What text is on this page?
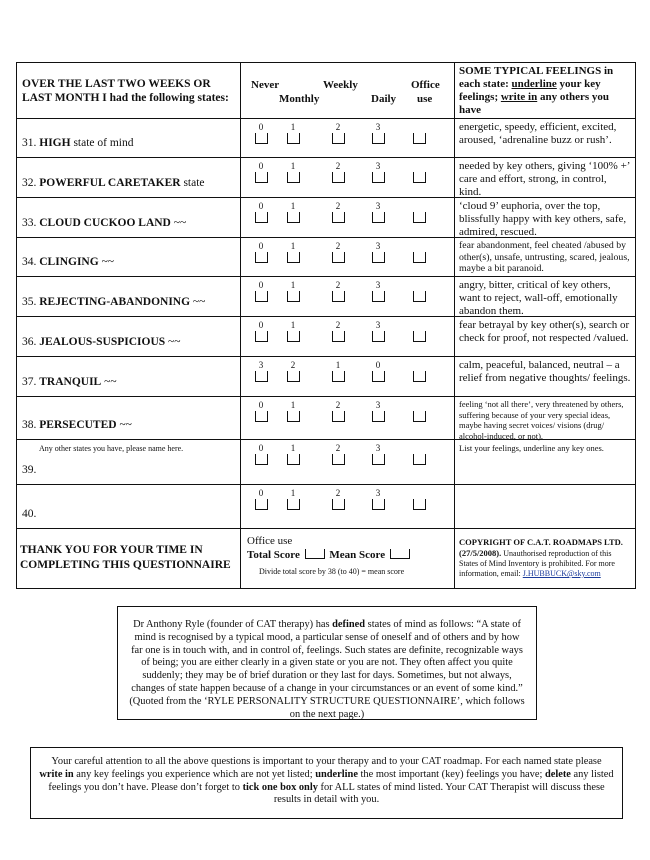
OVER THE LAST TWO WEEKS OR
LAST MONTH I had the following states:
Never	Weekly	Office
Monthly	Daily use
SOME TYPICAL FEELINGS in
each state: underline your key
feelings; write in any others you have
31. HIGH state of mind
0	1	2	3	energetic, speedy, efficient, excited, aroused, ‘adrenaline buzz or rush’.
32. POWERFUL CARETAKER state
0	1	2	3	needed by key others, giving ‘100% +’ care and effort, strong, in control, kind.
33. CLOUD CUCKOO LAND ~~
0	1	2	3	‘cloud 9’ euphoria, over the top, blissfully happy with key others, safe, admired, rescued.
34. CLINGING ~~
0	1	2	3	fear abandonment, feel cheated /abused by other(s), unsafe, untrusting, scared, jealous, maybe a bit paranoid.
35. REJECTING-ABANDONING ~~
0	1	2	3	angry, bitter, critical of key others, want to reject, wall-off, emotionally abandon them.
36. JEALOUS-SUSPICIOUS ~~
0	1	2	3	fear betrayal by key other(s), search or check for proof, not respected /valued.
37. TRANQUIL ~~
3	2	1	0	calm, peaceful, balanced, neutral – a relief from negative thoughts/ feelings.
38. PERSECUTED ~~
0	1	2	3	feeling ‘not all there’, very threatened by others, suffering because of your very special ideas, maybe having secret voices/ visions (drug/ alcohol-induced, or not).
Any other states you have, please name here.
39.
0	1	2	3	List your feelings, underline any key ones.
40.
0	1	2	3
THANK YOU FOR YOUR TIME IN
COMPLETING THIS QUESTIONNAIRE
Office use
Total Score	Mean Score
Divide total score by 38 (to 40) = mean score
COPYRIGHT OF C.A.T. ROADMAPS LTD.
(27/5/2008). Unauthorised reproduction of this States of Mind Inventory is prohibited. For more information, email: J.HUBBUCK@sky.com
Dr Anthony Ryle (founder of CAT therapy) has defined states of mind as follows: “A state of mind is recognised by a typical mood, a particular sense of oneself and of others and by how far one is in touch with, and in control of, feelings. Such states are definite, recognizable ways of being; you are either clearly in a given state or you are not. They often affect you quite suddenly; they may be of brief duration or they last for days. Sometimes, but not always, changes of state happen because of a change in your circumstances or an event of some kind.” (Quoted from the ‘RYLE PERSONALITY STRUCTURE QUESTIONNAIRE’, which follows on the next page.)
Your careful attention to all the above questions is important to your therapy and to your CAT roadmap. For each named state please write in any key feelings you experience which are not yet listed; underline the most important (key) feelings you have; delete any listed feelings you don’t have. Please don’t forget to tick one box only for ALL states of mind listed. Your CAT Therapist will discuss these results in detail with you.
